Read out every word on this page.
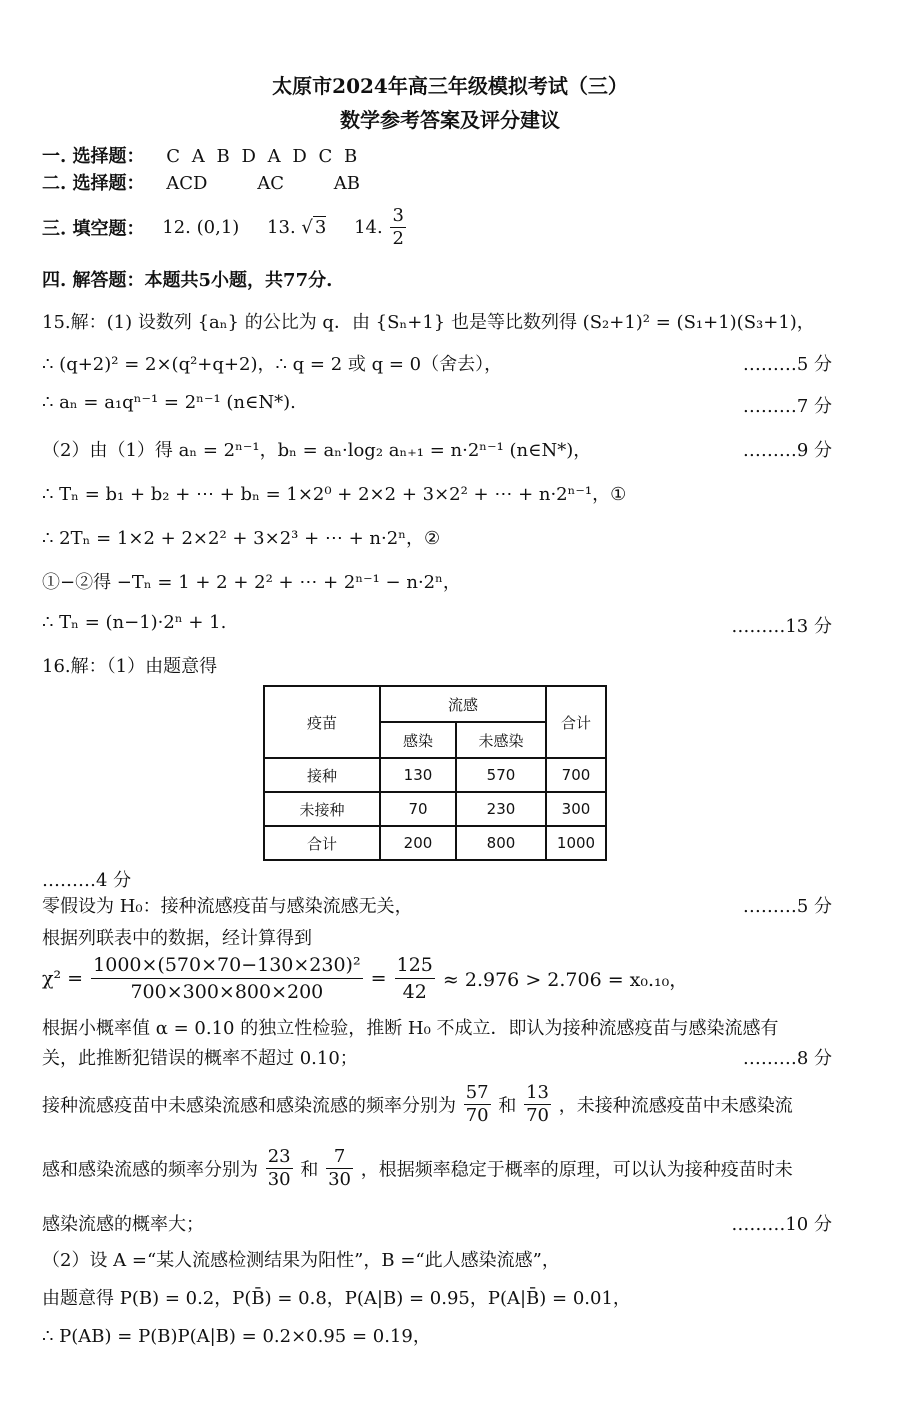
太原市2024年高三年级模拟考试（三）
数学参考答案及评分建议
一. 选择题： C A B D A D C B
二. 选择题： ACD	AC	AB
三. 填空题： 12. (0,1) 13. √ 3 14. $\frac{3}{2}$
四. 解答题：本题共5小题，共77分.
15.解：(1) 设数列 {aₙ} 的公比为 q．由 {Sₙ+1} 也是等比数列得 (S₂+1)² = (S₁+1)(S₃+1)，
∴ (q+2)² = 2×(q²+q+2)，∴ q = 2 或 q = 0（舍去），	………5 分
∴ aₙ = a₁qⁿ⁻¹ = 2ⁿ⁻¹ (n∈N*).	………7 分
（2）由（1）得 aₙ = 2ⁿ⁻¹，bₙ = aₙ·log₂ aₙ₊₁ = n·2ⁿ⁻¹ (n∈N*)，	………9 分
∴ Tₙ = b₁ + b₂ + ⋯ + bₙ = 1×2⁰ + 2×2 + 3×2² + ⋯ + n·2ⁿ⁻¹，①
∴ 2Tₙ = 1×2 + 2×2² + 3×2³ + ⋯ + n·2ⁿ，②
①−②得 −Tₙ = 1 + 2 + 2² + ⋯ + 2ⁿ⁻¹ − n·2ⁿ，
∴ Tₙ = (n−1)·2ⁿ + 1.	………13 分
16.解：（1）由题意得
疫苗	流感		合计
	感染	未感染	
接种	130	570	700
未接种	70	230	300
合计	200	800	1000
………4 分
零假设为 H₀：接种流感疫苗与感染流感无关，	………5 分
根据列联表中的数据，经计算得到
$\chi^2 = \frac{\text{1000×(570×70−130×230)²}}{700\times 300\times 800\times 200} = \frac{125}{42} \approx 2.976 > 2.706 = x_0._{10}$，
根据小概率值 α = 0.10 的独立性检验，推断 H₀ 不成立．即认为接种流感疫苗与感染流感有
关，此推断犯错误的概率不超过 0.10；	………8 分
接种流感疫苗中未感染流感和感染流感的频率分别为 $\frac{57}{70}$ 和 $\frac{13}{70}$ ，未接种流感疫苗中未感染流
感和感染流感的频率分别为 $\frac{23}{30}$ 和 $\frac{7}{30}$ ，根据频率稳定于概率的原理，可以认为接种疫苗时未
感染流感的概率大；	………10 分
（2）设 A =“某人流感检测结果为阳性”，B =“此人感染流感”，
由题意得 P(B) = 0.2，P(B̄) = 0.8，P(A|B) = 0.95，P(A|B̄) = 0.01，
∴ P(AB) = P(B)P(A|B) = 0.2×0.95 = 0.19，
